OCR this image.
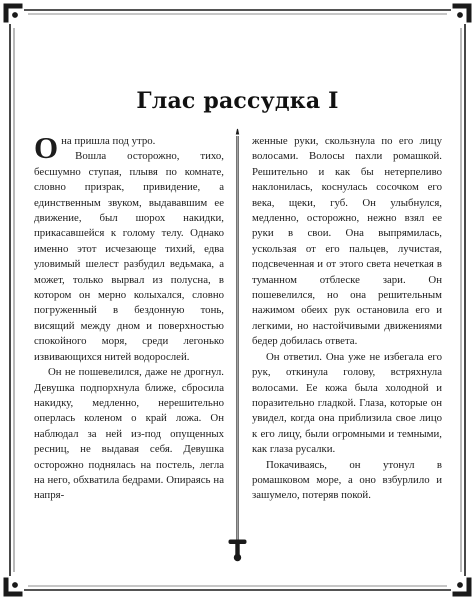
Глас рассудка I

Она пришла под утро.

Вошла осторожно, тихо, бесшумно ступая, плывя по комнате, словно призрак, привидение, а единственным звуком, выдававшим ее движение, был шорох накидки, прикасавшейся к голому телу. Однако именно этот исчезающе тихий, едва уловимый шелест разбудил ведьмака, а может, только вырвал из полусна, в котором он мерно колыхался, словно погруженный в бездонную тонь, висящий между дном и поверхностью спокойного моря, среди легонько извивающихся нитей водорослей.

Он не пошевелился, даже не дрогнул. Девушка подпорхнула ближе, сбросила накидку, медленно, нерешительно оперлась коленом о край ложа. Он наблюдал за ней из-под опущенных ресниц, не выдавая себя. Девушка осторожно поднялась на постель, легла на него, обхватила бедрами. Опираясь на напря-

женные руки, скользнула по его лицу волосами. Волосы пахли ромашкой. Решительно и как бы нетерпеливо наклонилась, коснулась сосочком его века, щеки, губ. Он улыбнулся, медленно, осторожно, нежно взял ее руки в свои. Она выпрямилась, ускользая от его пальцев, лучистая, подсвеченная и от этого света нечеткая в туманном отблеске зари. Он пошевелился, но она решительным нажимом обеих рук остановила его и легкими, но настойчивыми движениями бедер добилась ответа.

Он ответил. Она уже не избегала его рук, откинула голову, встряхнула волосами. Ее кожа была холодной и поразительно гладкой. Глаза, которые он увидел, когда она приблизила свое лицо к его лицу, были огромными и темными, как глаза русалки.

Покачиваясь, он утонул в ромашковом море, а оно взбурлило и зашумело, потеряв покой.
